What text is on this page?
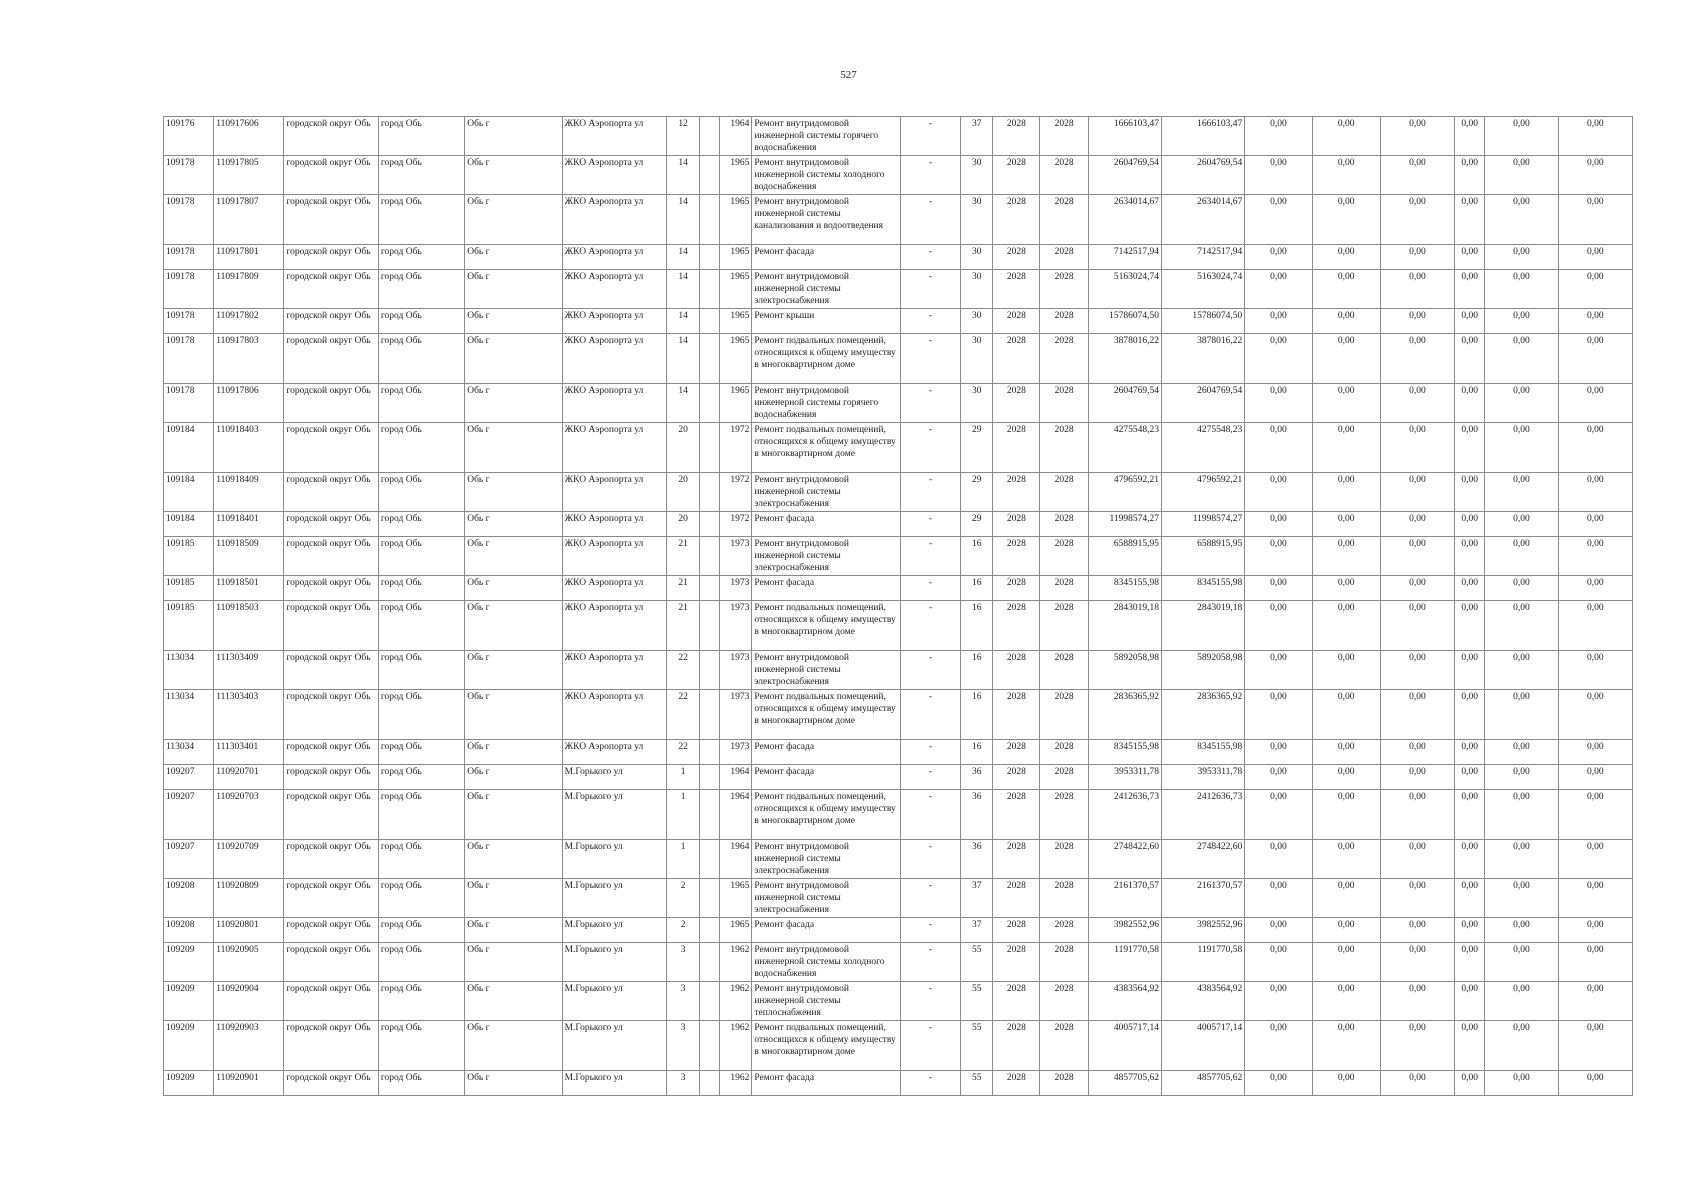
527
109176	110917606	городской округ Обь	город Обь	Обь г	ЖКО Аэропорта ул	12		1964	Ремонт внутридомовой инженерной системы горячего водоснабжения	-	37	2028	2028	1666103,47	1666103,47	0,00	0,00	0,00	0,00	0,00	0,00
109178	110917805	городской округ Обь	город Обь	Обь г	ЖКО Аэропорта ул	14		1965	Ремонт внутридомовой инженерной системы холодного водоснабжения	-	30	2028	2028	2604769,54	2604769,54	0,00	0,00	0,00	0,00	0,00	0,00
109178	110917807	городской округ Обь	город Обь	Обь г	ЖКО Аэропорта ул	14		1965	Ремонт внутридомовой инженерной системы канализования и водоотведения	-	30	2028	2028	2634014,67	2634014,67	0,00	0,00	0,00	0,00	0,00	0,00
109178	110917801	городской округ Обь	город Обь	Обь г	ЖКО Аэропорта ул	14		1965	Ремонт фасада	-	30	2028	2028	7142517,94	7142517,94	0,00	0,00	0,00	0,00	0,00	0,00
109178	110917809	городской округ Обь	город Обь	Обь г	ЖКО Аэропорта ул	14		1965	Ремонт внутридомовой инженерной системы электроснабжения	-	30	2028	2028	5163024,74	5163024,74	0,00	0,00	0,00	0,00	0,00	0,00
109178	110917802	городской округ Обь	город Обь	Обь г	ЖКО Аэропорта ул	14		1965	Ремонт крыши	-	30	2028	2028	15786074,50	15786074,50	0,00	0,00	0,00	0,00	0,00	0,00
109178	110917803	городской округ Обь	город Обь	Обь г	ЖКО Аэропорта ул	14		1965	Ремонт подвальных помещений, относящихся к общему имуществу в многоквартирном доме	-	30	2028	2028	3878016,22	3878016,22	0,00	0,00	0,00	0,00	0,00	0,00
109178	110917806	городской округ Обь	город Обь	Обь г	ЖКО Аэропорта ул	14		1965	Ремонт внутридомовой инженерной системы горячего водоснабжения	-	30	2028	2028	2604769,54	2604769,54	0,00	0,00	0,00	0,00	0,00	0,00
109184	110918403	городской округ Обь	город Обь	Обь г	ЖКО Аэропорта ул	20		1972	Ремонт подвальных помещений, относящихся к общему имуществу в многоквартирном доме	-	29	2028	2028	4275548,23	4275548,23	0,00	0,00	0,00	0,00	0,00	0,00
109184	110918409	городской округ Обь	город Обь	Обь г	ЖКО Аэропорта ул	20		1972	Ремонт внутридомовой инженерной системы электроснабжения	-	29	2028	2028	4796592,21	4796592,21	0,00	0,00	0,00	0,00	0,00	0,00
109184	110918401	городской округ Обь	город Обь	Обь г	ЖКО Аэропорта ул	20		1972	Ремонт фасада	-	29	2028	2028	11998574,27	11998574,27	0,00	0,00	0,00	0,00	0,00	0,00
109185	110918509	городской округ Обь	город Обь	Обь г	ЖКО Аэропорта ул	21		1973	Ремонт внутридомовой инженерной системы электроснабжения	-	16	2028	2028	6588915,95	6588915,95	0,00	0,00	0,00	0,00	0,00	0,00
109185	110918501	городской округ Обь	город Обь	Обь г	ЖКО Аэропорта ул	21		1973	Ремонт фасада	-	16	2028	2028	8345155,98	8345155,98	0,00	0,00	0,00	0,00	0,00	0,00
109185	110918503	городской округ Обь	город Обь	Обь г	ЖКО Аэропорта ул	21		1973	Ремонт подвальных помещений, относящихся к общему имуществу в многоквартирном доме	-	16	2028	2028	2843019,18	2843019,18	0,00	0,00	0,00	0,00	0,00	0,00
113034	111303409	городской округ Обь	город Обь	Обь г	ЖКО Аэропорта ул	22		1973	Ремонт внутридомовой инженерной системы электроснабжения	-	16	2028	2028	5892058,98	5892058,98	0,00	0,00	0,00	0,00	0,00	0,00
113034	111303403	городской округ Обь	город Обь	Обь г	ЖКО Аэропорта ул	22		1973	Ремонт подвальных помещений, относящихся к общему имуществу в многоквартирном доме	-	16	2028	2028	2836365,92	2836365,92	0,00	0,00	0,00	0,00	0,00	0,00
113034	111303401	городской округ Обь	город Обь	Обь г	ЖКО Аэропорта ул	22		1973	Ремонт фасада	-	16	2028	2028	8345155,98	8345155,98	0,00	0,00	0,00	0,00	0,00	0,00
109207	110920701	городской округ Обь	город Обь	Обь г	М.Горького ул	1		1964	Ремонт фасада	-	36	2028	2028	3953311,78	3953311,78	0,00	0,00	0,00	0,00	0,00	0,00
109207	110920703	городской округ Обь	город Обь	Обь г	М.Горького ул	1		1964	Ремонт подвальных помещений, относящихся к общему имуществу в многоквартирном доме	-	36	2028	2028	2412636,73	2412636,73	0,00	0,00	0,00	0,00	0,00	0,00
109207	110920709	городской округ Обь	город Обь	Обь г	М.Горького ул	1		1964	Ремонт внутридомовой инженерной системы электроснабжения	-	36	2028	2028	2748422,60	2748422,60	0,00	0,00	0,00	0,00	0,00	0,00
109208	110920809	городской округ Обь	город Обь	Обь г	М.Горького ул	2		1965	Ремонт внутридомовой инженерной системы электроснабжения	-	37	2028	2028	2161370,57	2161370,57	0,00	0,00	0,00	0,00	0,00	0,00
109208	110920801	городской округ Обь	город Обь	Обь г	М.Горького ул	2		1965	Ремонт фасада	-	37	2028	2028	3982552,96	3982552,96	0,00	0,00	0,00	0,00	0,00	0,00
109209	110920905	городской округ Обь	город Обь	Обь г	М.Горького ул	3		1962	Ремонт внутридомовой инженерной системы холодного водоснабжения	-	55	2028	2028	1191770,58	1191770,58	0,00	0,00	0,00	0,00	0,00	0,00
109209	110920904	городской округ Обь	город Обь	Обь г	М.Горького ул	3		1962	Ремонт внутридомовой инженерной системы теплоснабжения	-	55	2028	2028	4383564,92	4383564,92	0,00	0,00	0,00	0,00	0,00	0,00
109209	110920903	городской округ Обь	город Обь	Обь г	М.Горького ул	3		1962	Ремонт подвальных помещений, относящихся к общему имуществу в многоквартирном доме	-	55	2028	2028	4005717,14	4005717,14	0,00	0,00	0,00	0,00	0,00	0,00
109209	110920901	городской округ Обь	город Обь	Обь г	М.Горького ул	3		1962	Ремонт фасада	-	55	2028	2028	4857705,62	4857705,62	0,00	0,00	0,00	0,00	0,00	0,00
